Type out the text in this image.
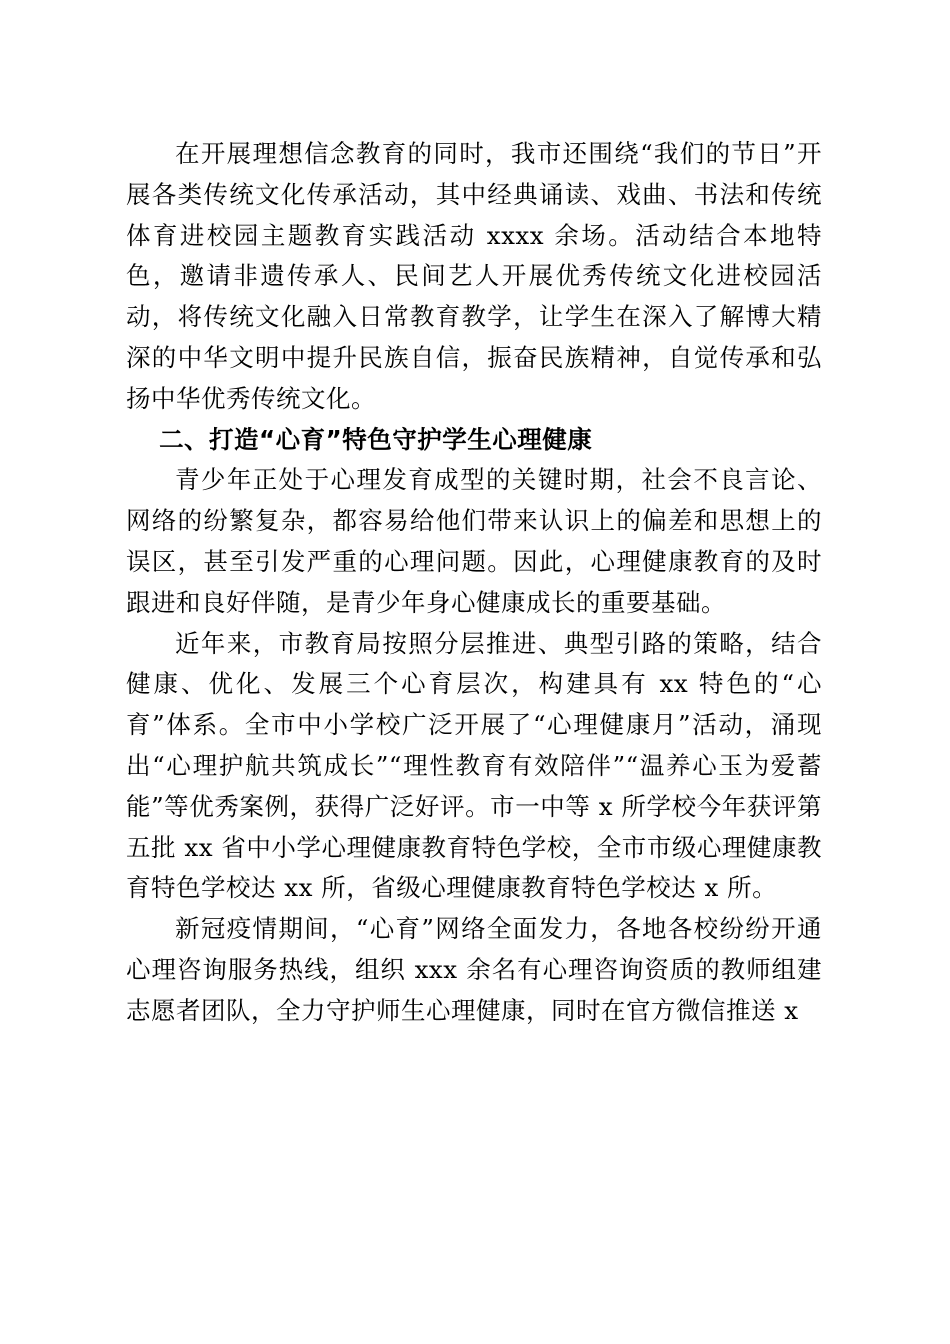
在开展理想信念教育的同时，我市还围绕“我们的节日”开展各类传统文化传承活动，其中经典诵读、戏曲、书法和传统体育进校园主题教育实践活动 xxxx 余场。活动结合本地特色，邀请非遗传承人、民间艺人开展优秀传统文化进校园活动，将传统文化融入日常教育教学，让学生在深入了解博大精深的中华文明中提升民族自信，振奋民族精神，自觉传承和弘扬中华优秀传统文化。

二、打造“心育”特色守护学生心理健康

青少年正处于心理发育成型的关键时期，社会不良言论、网络的纷繁复杂，都容易给他们带来认识上的偏差和思想上的误区，甚至引发严重的心理问题。因此，心理健康教育的及时跟进和良好伴随，是青少年身心健康成长的重要基础。

近年来，市教育局按照分层推进、典型引路的策略，结合健康、优化、发展三个心育层次，构建具有 xx 特色的“心育”体系。全市中小学校广泛开展了“心理健康月”活动，涌现出“心理护航共筑成长”“理性教育有效陪伴”“温养心玉为爱蓄能”等优秀案例，获得广泛好评。市一中等 x 所学校今年获评第五批 xx 省中小学心理健康教育特色学校，全市市级心理健康教育特色学校达 xx 所，省级心理健康教育特色学校达 x 所。

新冠疫情期间，“心育”网络全面发力，各地各校纷纷开通心理咨询服务热线，组织 xxx 余名有心理咨询资质的教师组建志愿者团队，全力守护师生心理健康，同时在官方微信推送 x
